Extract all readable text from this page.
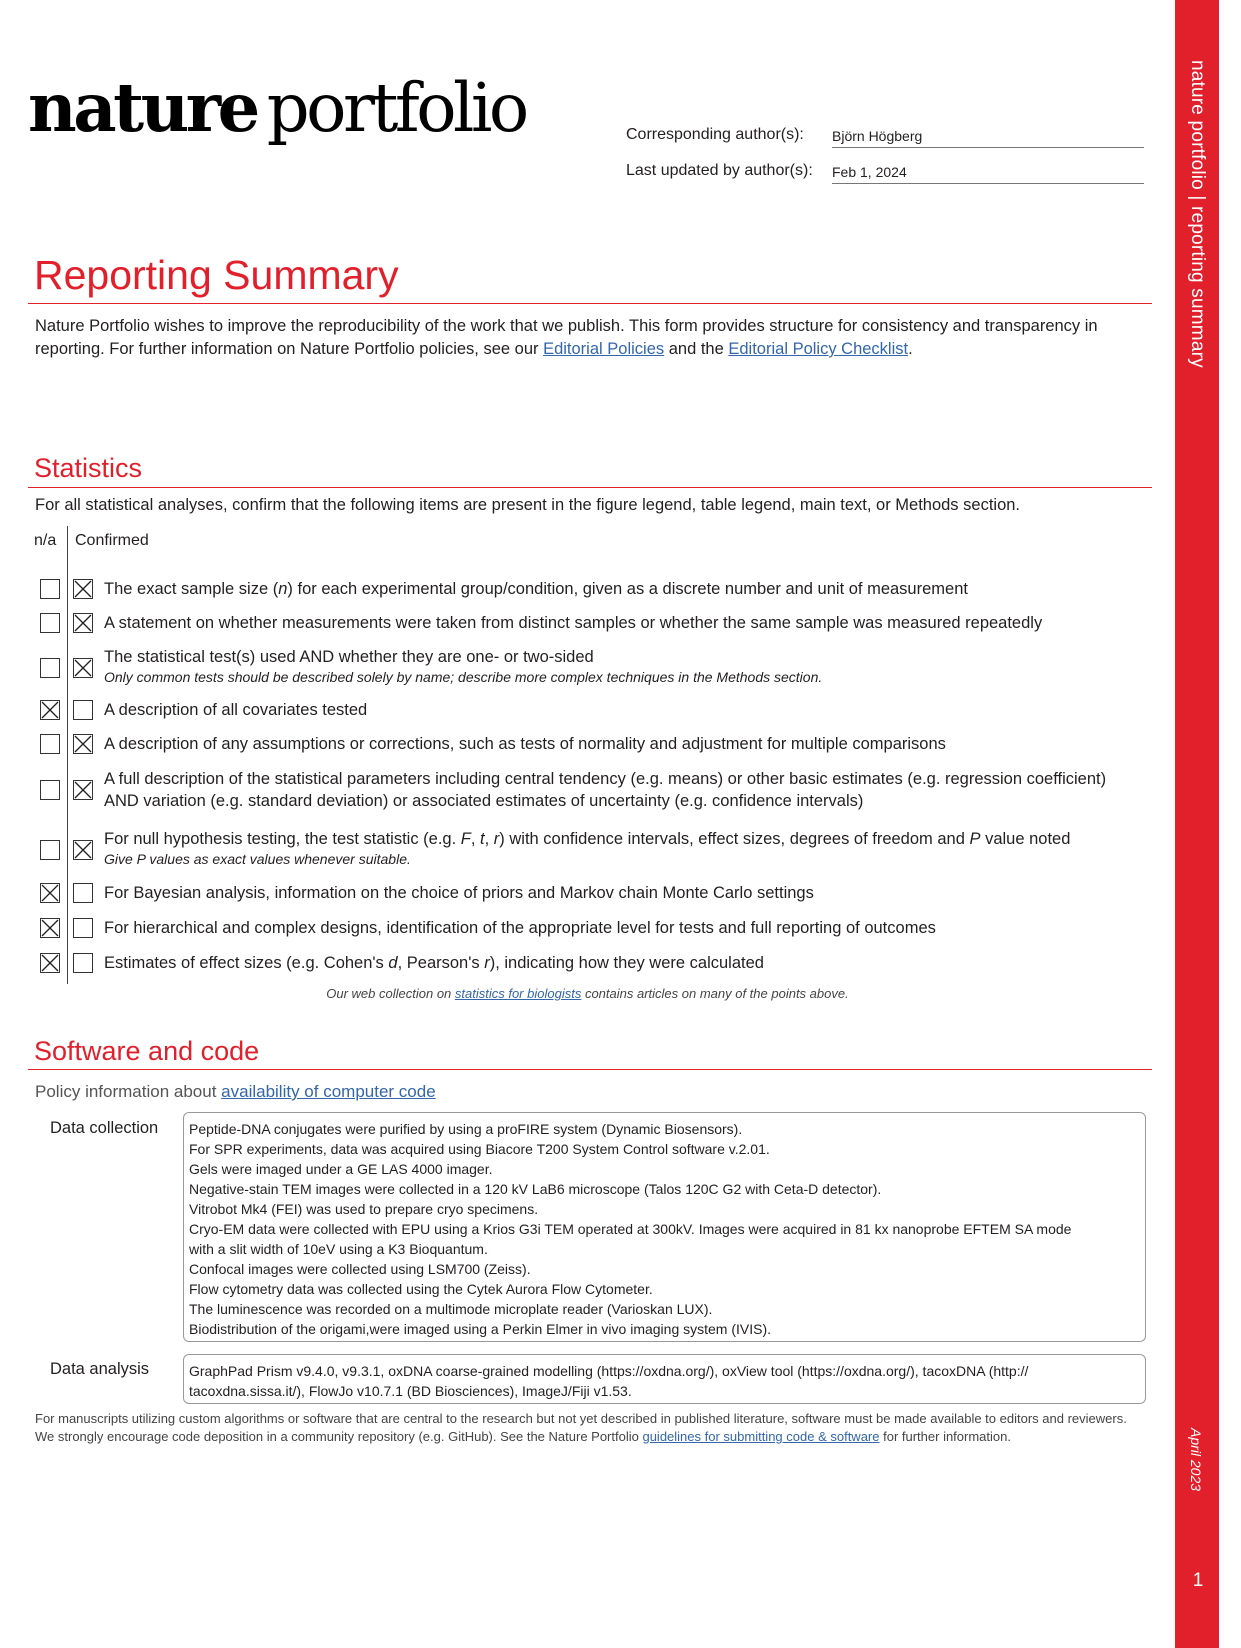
nature portfolio | reporting summary
April 2023
1
nature portfolio	Corresponding author(s): Björn Högberg
Last updated by author(s): Feb 1, 2024
Reporting Summary
Nature Portfolio wishes to improve the reproducibility of the work that we publish. This form provides structure for consistency and transparency in reporting. For further information on Nature Portfolio policies, see our Editorial Policies and the Editorial Policy Checklist.
Statistics
For all statistical analyses, confirm that the following items are present in the figure legend, table legend, main text, or Methods section.
n/a Confirmed
The exact sample size (n) for each experimental group/condition, given as a discrete number and unit of measurement
A statement on whether measurements were taken from distinct samples or whether the same sample was measured repeatedly
The statistical test(s) used AND whether they are one- or two-sided
Only common tests should be described solely by name; describe more complex techniques in the Methods section.
A description of all covariates tested
A description of any assumptions or corrections, such as tests of normality and adjustment for multiple comparisons
A full description of the statistical parameters including central tendency (e.g. means) or other basic estimates (e.g. regression coefficient)
AND variation (e.g. standard deviation) or associated estimates of uncertainty (e.g. confidence intervals)
For null hypothesis testing, the test statistic (e.g. F, t, r) with confidence intervals, effect sizes, degrees of freedom and P value noted
Give P values as exact values whenever suitable.
For Bayesian analysis, information on the choice of priors and Markov chain Monte Carlo settings
For hierarchical and complex designs, identification of the appropriate level for tests and full reporting of outcomes
Estimates of effect sizes (e.g. Cohen's d, Pearson's r), indicating how they were calculated
Our web collection on statistics for biologists contains articles on many of the points above.
Software and code
Policy information about availability of computer code
Data collection Peptide-DNA conjugates were purified by using a proFIRE system (Dynamic Biosensors).
For SPR experiments, data was acquired using Biacore T200 System Control software v.2.01.
Gels were imaged under a GE LAS 4000 imager.
Negative-stain TEM images were collected in a 120 kV LaB6 microscope (Talos 120C G2 with Ceta-D detector).
Vitrobot Mk4 (FEI) was used to prepare cryo specimens.
Cryo-EM data were collected with EPU using a Krios G3i TEM operated at 300kV. Images were acquired in 81 kx nanoprobe EFTEM SA mode
with a slit width of 10eV using a K3 Bioquantum.
Confocal images were collected using LSM700 (Zeiss).
Flow cytometry data was collected using the Cytek Aurora Flow Cytometer.
The luminescence was recorded on a multimode microplate reader (Varioskan LUX).
Biodistribution of the origami,were imaged using a Perkin Elmer in vivo imaging system (IVIS).
Data analysis	GraphPad Prism v9.4.0, v9.3.1, oxDNA coarse-grained modelling (https://oxdna.org/), oxView tool (https://oxdna.org/), tacoxDNA (http://
tacoxdna.sissa.it/), FlowJo v10.7.1 (BD Biosciences), ImageJ/Fiji v1.53.
For manuscripts utilizing custom algorithms or software that are central to the research but not yet described in published literature, software must be made available to editors and reviewers. We strongly encourage code deposition in a community repository (e.g. GitHub). See the Nature Portfolio guidelines for submitting code & software for further information.
